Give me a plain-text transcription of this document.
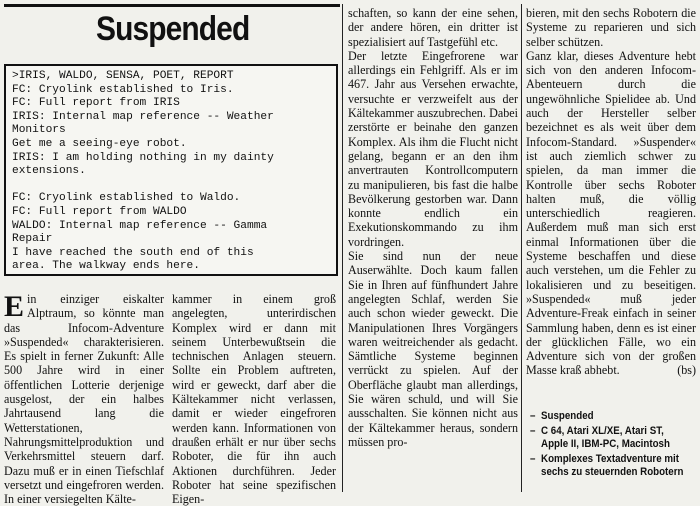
Suspended
>IRIS, WALDO, SENSA, POET, REPORT
FC: Cryolink established to Iris.
FC: Full report from IRIS
IRIS: Internal map reference -- Weather
Monitors
Get me a seeing-eye robot.
IRIS: I am holding nothing in my dainty
extensions.
FC: Cryolink established to Waldo.
FC: Full report from WALDO
WALDO: Internal map reference -- Gamma
Repair
I have reached the south end of this
area. The walkway ends here.

Ein einziger eiskalter Alptraum, so könnte man das Infocom-Adventure »Suspended« charakterisieren. Es spielt in ferner Zukunft: Alle 500 Jahre wird in einer öffentlichen Lotterie derjenige ausgelost, der ein halbes Jahrtausend lang die Wetterstationen, Nahrungsmittelproduktion und Verkehrsmittel steuern darf. Dazu muß er in einen Tiefschlaf versetzt und eingefroren werden. In einer versiegelten Kälte-

kammer in einem groß angelegten, unterirdischen Komplex wird er dann mit seinem Unterbewußtsein die technischen Anlagen steuern. Sollte ein Problem auftreten, wird er geweckt, darf aber die Kältekammer nicht verlassen, damit er wieder eingefroren werden kann. Informationen von draußen erhält er nur über sechs Roboter, die für ihn auch Aktionen durchführen. Jeder Roboter hat seine spezifischen Eigen-

schaften, so kann der eine sehen, der andere hören, ein dritter ist spezialisiert auf Tastgefühl etc.

Der letzte Eingefrorene war allerdings ein Fehlgriff. Als er im 467. Jahr aus Versehen erwachte, versuchte er verzweifelt aus der Kältekammer auszubrechen. Dabei zerstörte er beinahe den ganzen Komplex. Als ihm die Flucht nicht gelang, begann er an den ihm anvertrauten Kontrollcomputern zu manipulieren, bis fast die halbe Bevölkerung gestorben war. Dann konnte endlich ein Exekutionskommando zu ihm vordringen.

Sie sind nun der neue Auserwählte. Doch kaum fallen Sie in Ihren auf fünfhundert Jahre angelegten Schlaf, werden Sie auch schon wieder geweckt. Die Manipulationen Ihres Vorgängers waren weitreichender als gedacht. Sämtliche Systeme beginnen verrückt zu spielen. Auf der Oberfläche glaubt man allerdings, Sie wären schuld, und will Sie ausschalten. Sie können nicht aus der Kältekammer heraus, sondern müssen pro-

bieren, mit den sechs Robotern die Systeme zu reparieren und sich selber schützen.

Ganz klar, dieses Adventure hebt sich von den anderen Infocom-Abenteuern durch die ungewöhnliche Spielidee ab. Und auch der Hersteller selber bezeichnet es als weit über dem Infocom-Standard. »Suspender« ist auch ziemlich schwer zu spielen, da man immer die Kontrolle über sechs Roboter halten muß, die völlig unterschiedlich reagieren. Außerdem muß man sich erst einmal Informationen über die Systeme beschaffen und diese auch verstehen, um die Fehler zu lokalisieren und zu beseitigen. »Suspended« muß jeder Adventure-Freak einfach in seiner Sammlung haben, denn es ist einer der glücklichen Fälle, wo ein Adventure sich von der großen Masse kraß abhebt.	(bs)

– Suspended
– C 64, Atari XL/XE, Atari ST, Apple II, IBM-PC, Macintosh
– Komplexes Textadventure mit sechs zu steuernden Robotern
